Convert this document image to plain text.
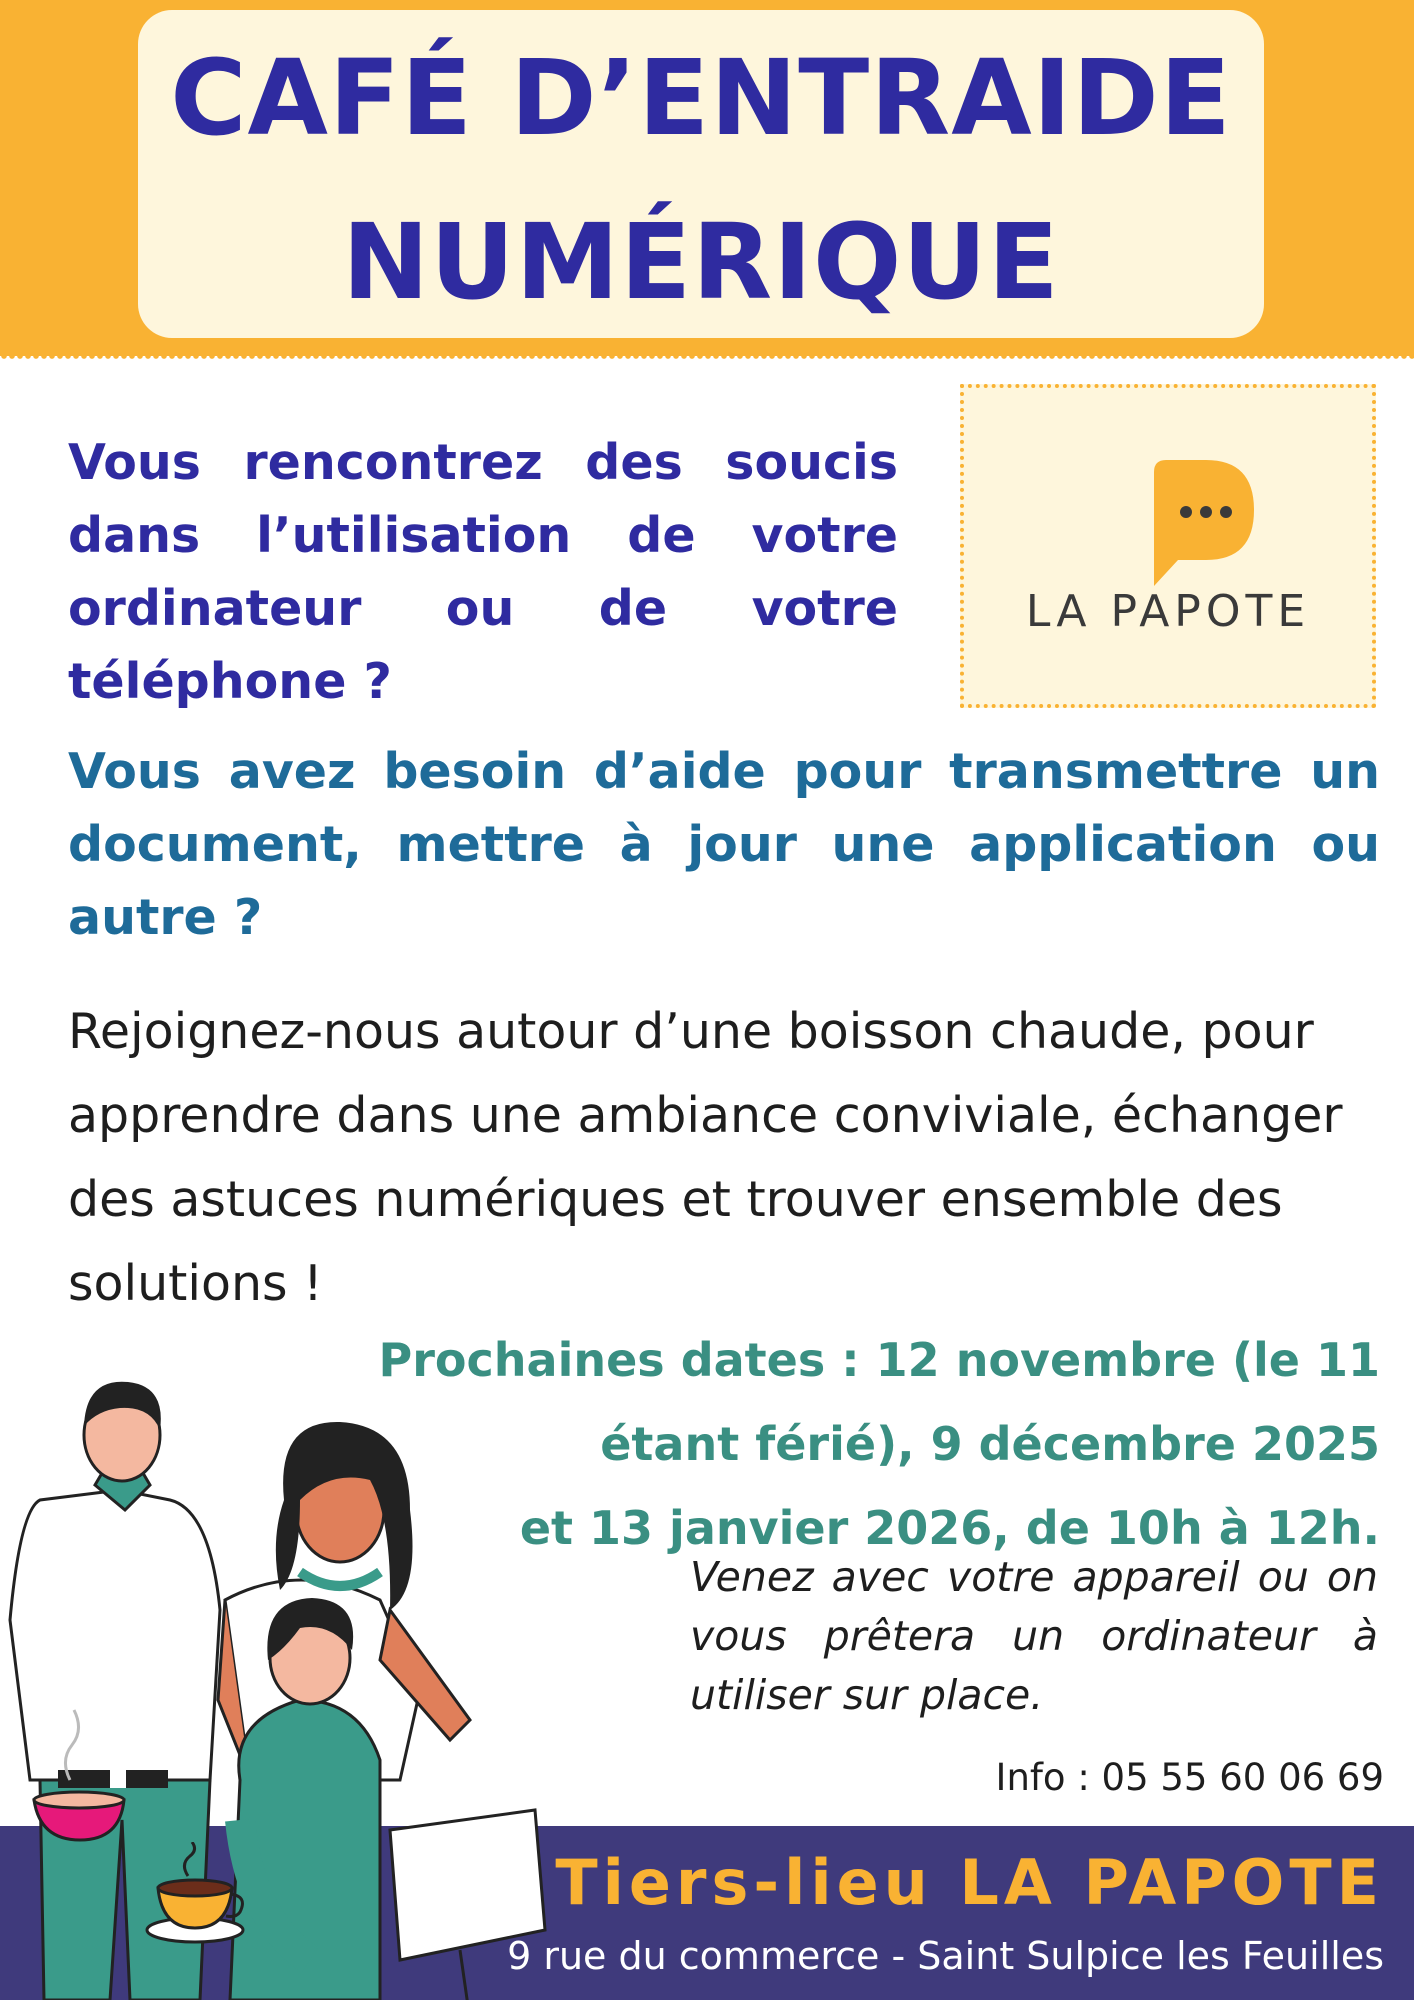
CAFÉ D’ENTRAIDE
NUMÉRIQUE
LA PAPOTE
Vous rencontrez des soucis dans l’utilisation de votre ordinateur ou de votre téléphone ?
Vous avez besoin d’aide pour transmettre un document, mettre à jour une application ou autre ?
Rejoignez-nous autour d’une boisson chaude, pour apprendre dans une ambiance conviviale, échanger des astuces numériques et trouver ensemble des solutions !
Prochaines dates : 12 novembre (le 11
étant férié), 9 décembre 2025
et 13 janvier 2026, de 10h à 12h.
Venez avec votre appareil ou on vous prêtera un ordinateur à utiliser sur place.
Info : 05 55 60 06 69
Tiers-lieu LA PAPOTE
9 rue du commerce - Saint Sulpice les Feuilles
